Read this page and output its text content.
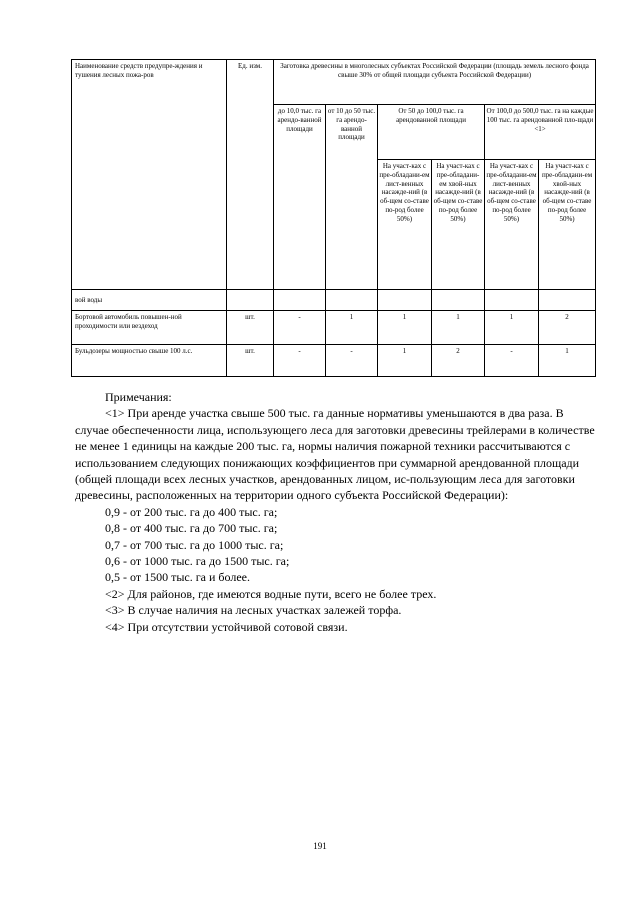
Наименование средств предупре-ждения и тушения лесных пожа-ров	Ед. изм.	Заготовка древесины в многолесных субъектах Российской Федерации (площадь земель лесного фонда свыше 30% от общей площади субъекта Российской Федерации)					
		до 10,0 тыс. га арендо-ванной площади	от 10 до 50 тыс. га арендо-ванной площади	От 50 до 100,0 тыс. га арендованной площади		От 100,0 до 500,0 тыс. га на каждые 100 тыс. га арендованной пло-щади <1>	
				На участ-ках с пре-обладани-ем лист-венных насажде-ний (в об-щем со-ставе по-род более 50%)	На участ-ках с пре-обладани-ем хвой-ных насажде-ний (в об-щем со-ставе по-род более 50%)	На участ-ках с пре-обладани-ем лист-венных насажде-ний (в об-щем со-ставе по-род более 50%)	На участ-ках с пре-обладани-ем хвой-ных насажде-ний (в об-щем со-ставе по-род более 50%)
вой воды							
Бортовой автомобиль повышен-ной проходимости или вездеход	шт.	-	1	1	1	1	2
Бульдозеры мощностью свыше 100 л.с.	шт.	-	-	1	2	-	1

Примечания:

<1> При аренде участка свыше 500 тыс. га данные нормативы уменьшаются в два раза. В случае обеспеченности лица, использующего леса для заготовки древесины трейлерами в количестве не менее 1 единицы на каждые 200 тыс. га, нормы наличия пожарной техники рассчитываются с использованием следующих понижающих коэффициентов при суммарной арендованной площади (общей площади всех лесных участков, арендованных лицом, ис-пользующим леса для заготовки древесины, расположенных на территории одного субъекта Российской Федерации):

0,9 - от 200 тыс. га до 400 тыс. га;

0,8 - от 400 тыс. га до 700 тыс. га;

0,7 - от 700 тыс. га до 1000 тыс. га;

0,6 - от 1000 тыс. га до 1500 тыс. га;

0,5 - от 1500 тыс. га и более.

<2> Для районов, где имеются водные пути, всего не более трех.

<3> В случае наличия на лесных участках залежей торфа.

<4> При отсутствии устойчивой сотовой связи.

191
